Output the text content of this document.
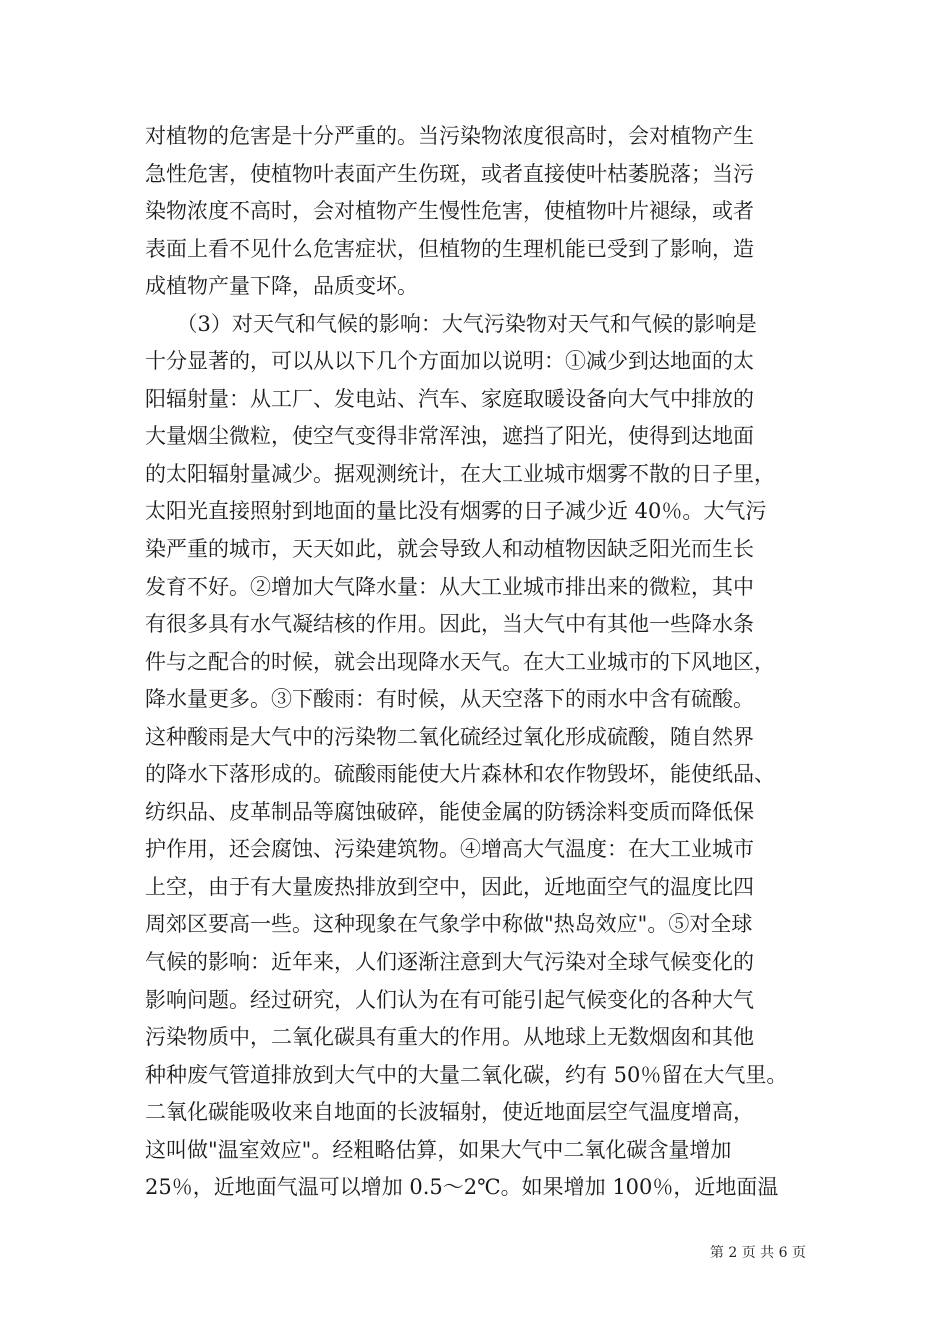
对植物的危害是十分严重的。当污染物浓度很高时，会对植物产生
急性危害，使植物叶表面产生伤斑，或者直接使叶枯萎脱落；当污
染物浓度不高时，会对植物产生慢性危害，使植物叶片褪绿，或者
表面上看不见什么危害症状，但植物的生理机能已受到了影响，造
成植物产量下降，品质变坏。
　　（3）对天气和气候的影响：大气污染物对天气和气候的影响是
十分显著的，可以从以下几个方面加以说明：①减少到达地面的太
阳辐射量：从工厂、发电站、汽车、家庭取暖设备向大气中排放的
大量烟尘微粒，使空气变得非常浑浊，遮挡了阳光，使得到达地面
的太阳辐射量减少。据观测统计，在大工业城市烟雾不散的日子里，
太阳光直接照射到地面的量比没有烟雾的日子减少近 40％。大气污
染严重的城市，天天如此，就会导致人和动植物因缺乏阳光而生长
发育不好。②增加大气降水量：从大工业城市排出来的微粒，其中
有很多具有水气凝结核的作用。因此，当大气中有其他一些降水条
件与之配合的时候，就会出现降水天气。在大工业城市的下风地区，
降水量更多。③下酸雨：有时候，从天空落下的雨水中含有硫酸。
这种酸雨是大气中的污染物二氧化硫经过氧化形成硫酸，随自然界
的降水下落形成的。硫酸雨能使大片森林和农作物毁坏，能使纸品、
纺织品、皮革制品等腐蚀破碎，能使金属的防锈涂料变质而降低保
护作用，还会腐蚀、污染建筑物。④增高大气温度：在大工业城市
上空，由于有大量废热排放到空中，因此，近地面空气的温度比四
周郊区要高一些。这种现象在气象学中称做"热岛效应"。⑤对全球
气候的影响：近年来，人们逐渐注意到大气污染对全球气候变化的
影响问题。经过研究，人们认为在有可能引起气候变化的各种大气
污染物质中，二氧化碳具有重大的作用。从地球上无数烟囱和其他
种种废气管道排放到大气中的大量二氧化碳，约有 50％留在大气里。
二氧化碳能吸收来自地面的长波辐射，使近地面层空气温度增高，
这叫做"温室效应"。经粗略估算，如果大气中二氧化碳含量增加
25％，近地面气温可以增加 0.5～2℃。如果增加 100％，近地面温
第 2 页 共 6 页
